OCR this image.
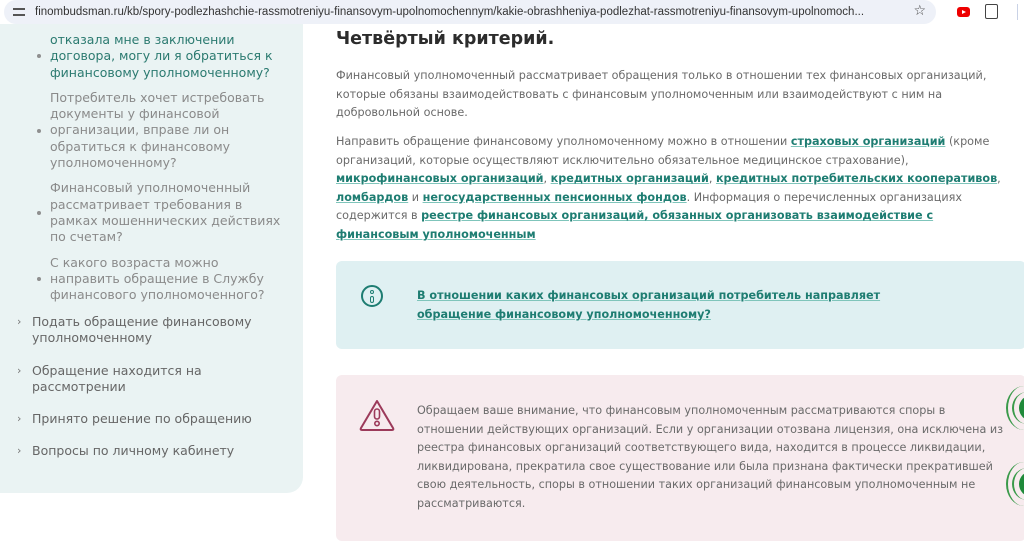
finombudsman.ru/kb/spory-podlezhashchie-rassmotreniyu-finansovym-upolnomochennym/kakie-obrashheniya-podlezhat-rassmotreniyu-finansovym-upolnomoch...	☆
отказала мне в заключении договора, могу ли я обратиться к финансовому уполномоченному?
Потребитель хочет истребовать документы у финансовой организации, вправе ли он обратиться к финансовому уполномоченному?
Финансовый уполномоченный рассматривает требования в рамках мошеннических действиях по счетам?
С какого возраста можно направить обращение в Службу финансового уполномоченного?
› Подать обращение финансовому уполномоченному
› Обращение находится на рассмотрении
› Принято решение по обращению
› Вопросы по личному кабинету
Четвёртый критерий.

Финансовый уполномоченный рассматривает обращения только в отношении тех финансовых организаций, которые обязаны взаимодействовать с финансовым уполномоченным или взаимодействуют с ним на добровольной основе.

Направить обращение финансовому уполномоченному можно в отношении страховых организаций (кроме организаций, которые осуществляют исключительно обязательное медицинское страхование), микрофинансовых организаций, кредитных организаций, кредитных потребительских кооперативов, ломбардов и негосударственных пенсионных фондов. Информация о перечисленных организациях содержится в реестре финансовых организаций, обязанных организовать взаимодействие с финансовым уполномоченным

В отношении каких финансовых организаций потребитель направляет обращение финансовому уполномоченному?

Обращаем ваше внимание, что финансовым уполномоченным рассматриваются споры в отношении действующих организаций. Если у организации отозвана лицензия, она исключена из реестра финансовых организаций соответствующего вида, находится в процессе ликвидации, ликвидирована, прекратила свое существование или была признана фактически прекратившей свою деятельность, споры в отношении таких организаций финансовым уполномоченным не рассматриваются.
